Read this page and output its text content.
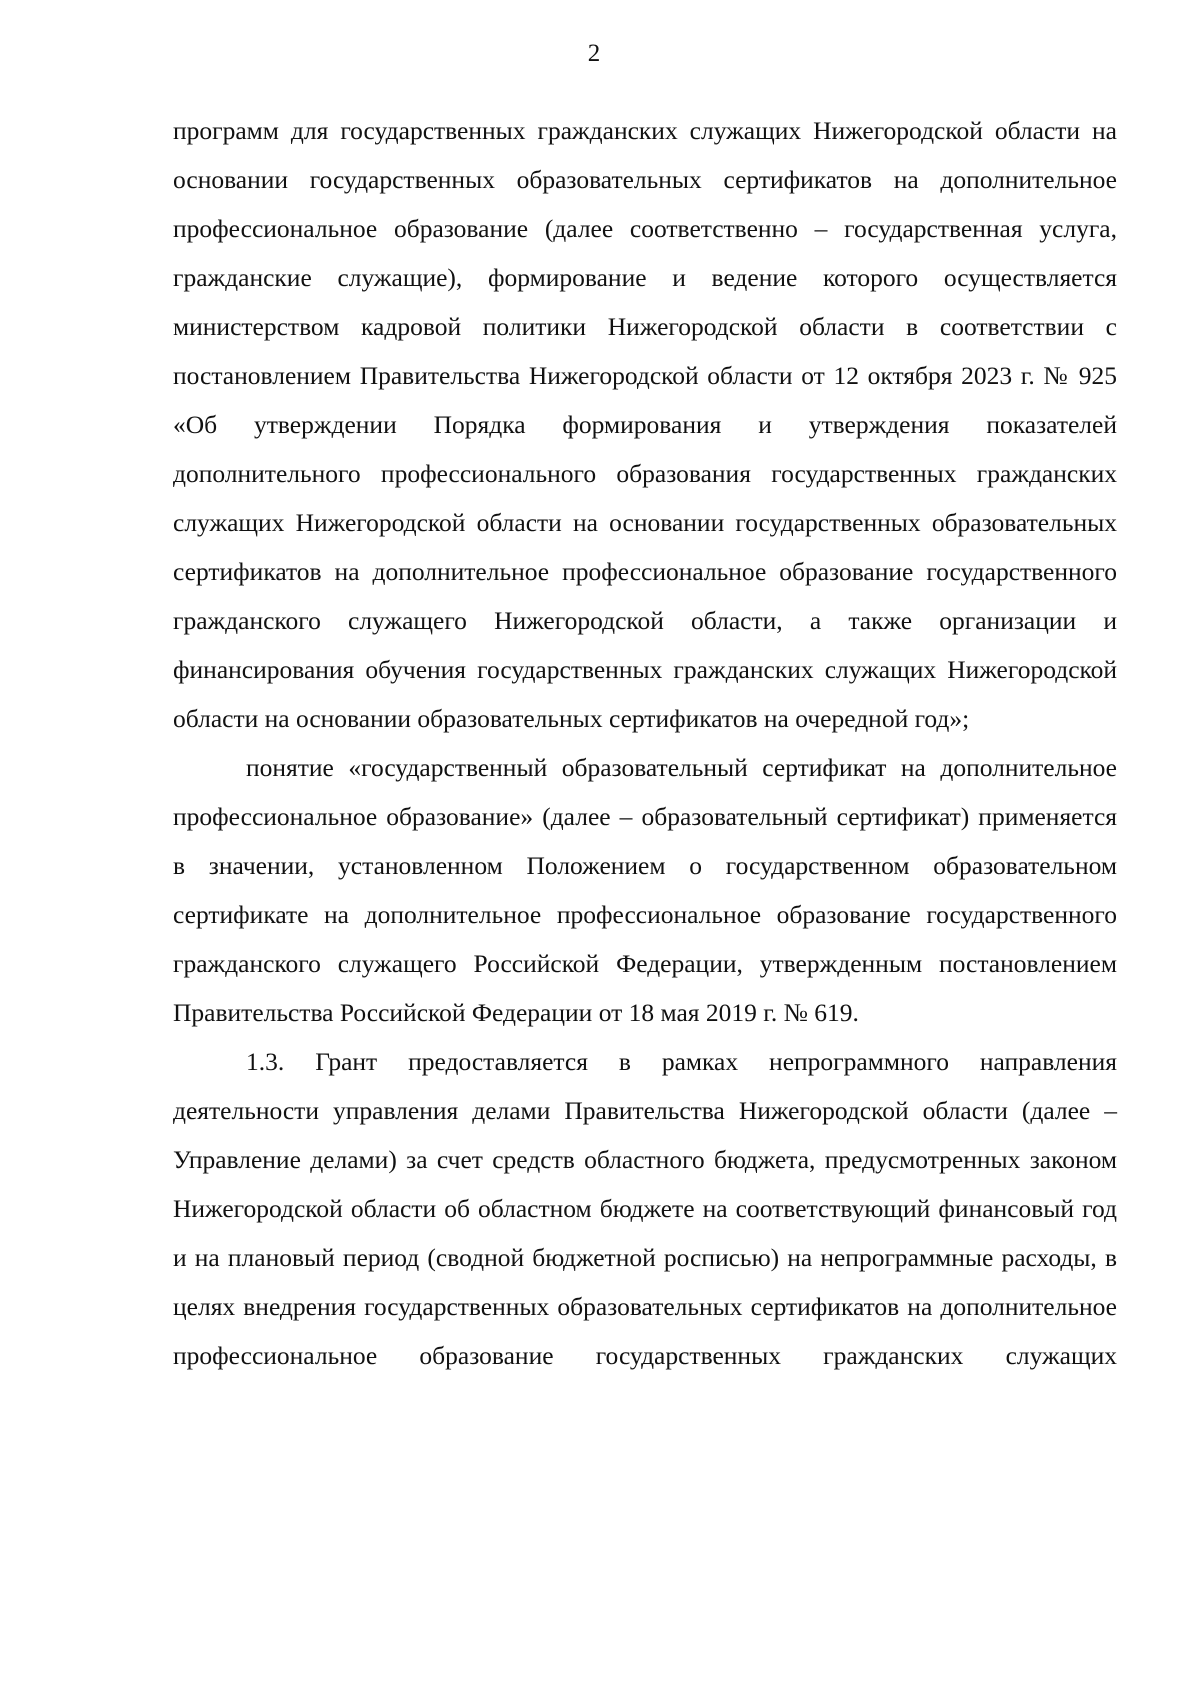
2

программ для государственных гражданских служащих Нижегородской области на основании государственных образовательных сертификатов на дополнительное профессиональное образование (далее соответственно – государственная услуга, гражданские служащие), формирование и ведение которого осуществляется министерством кадровой политики Нижегородской области в соответствии с постановлением Правительства Нижегородской области от 12 октября 2023 г. № 925 «Об утверждении Порядка формирования и утверждения показателей дополнительного профессионального образования государственных гражданских служащих Нижегородской области на основании государственных образовательных сертификатов на дополнительное профессиональное образование государственного гражданского служащего Нижегородской области, а также организации и финансирования обучения государственных гражданских служащих Нижегородской области на основании образовательных сертификатов на очередной год»;

понятие «государственный образовательный сертификат на дополнительное профессиональное образование» (далее – образовательный сертификат) применяется в значении, установленном Положением о государственном образовательном сертификате на дополнительное профессиональное образование государственного гражданского служащего Российской Федерации, утвержденным постановлением Правительства Российской Федерации от 18 мая 2019 г. № 619.

1.3. Грант предоставляется в рамках непрограммного направления деятельности управления делами Правительства Нижегородской области (далее – Управление делами) за счет средств областного бюджета, предусмотренных законом Нижегородской области об областном бюджете на соответствующий финансовый год и на плановый период (сводной бюджетной росписью) на непрограммные расходы, в целях внедрения государственных образовательных сертификатов на дополнительное профессиональное образование государственных гражданских служащих
